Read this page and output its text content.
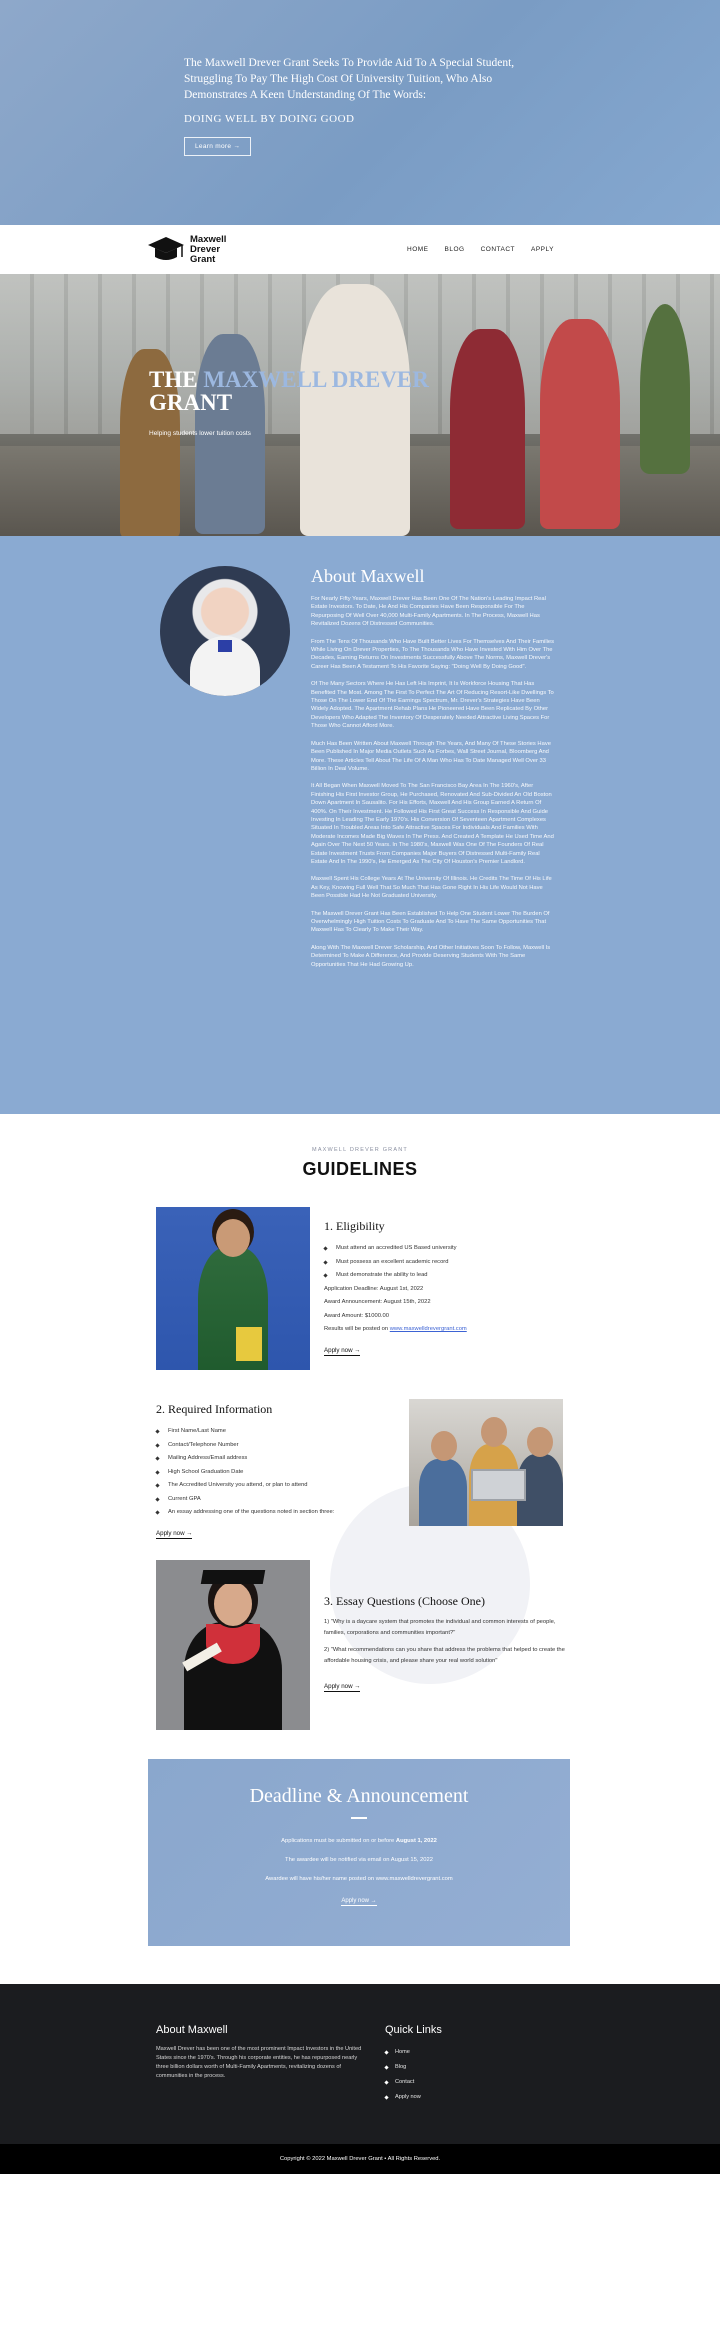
The Maxwell Drever Grant Seeks To Provide Aid To A Special Student, Struggling To Pay The High Cost Of University Tuition, Who Also Demonstrates A Keen Understanding Of The Words:

DOING WELL BY DOING GOOD

Learn more →
Maxwell
Drever
Grant
HOME BLOG CONTACT APPLY
THE MAXWELL DREVER
GRANT

Helping students lower tuition costs

About Maxwell

For Nearly Fifty Years, Maxwell Drever Has Been One Of The Nation's Leading Impact Real Estate Investors. To Date, He And His Companies Have Been Responsible For The Repurposing Of Well Over 40,000 Multi-Family Apartments. In The Process, Maxwell Has Revitalized Dozens Of Distressed Communities.

From The Tens Of Thousands Who Have Built Better Lives For Themselves And Their Families While Living On Drever Properties, To The Thousands Who Have Invested With Him Over The Decades, Earning Returns On Investments Successfully Above The Norms, Maxwell Drever's Career Has Been A Testament To His Favorite Saying: "Doing Well By Doing Good".

Of The Many Sectors Where He Has Left His Imprint, It Is Workforce Housing That Has Benefited The Most. Among The First To Perfect The Art Of Reducing Resort-Like Dwellings To Those On The Lower End Of The Earnings Spectrum, Mr. Drever's Strategies Have Been Widely Adopted. The Apartment Rehab Plans He Pioneered Have Been Replicated By Other Developers Who Adapted The Inventory Of Desperately Needed Attractive Living Spaces For Those Who Cannot Afford More.

Much Has Been Written About Maxwell Through The Years, And Many Of These Stories Have Been Published In Major Media Outlets Such As Forbes, Wall Street Journal, Bloomberg And More. These Articles Tell About The Life Of A Man Who Has To Date Managed Well Over 33 Billion In Deal Volume.

It All Began When Maxwell Moved To The San Francisco Bay Area In The 1960's, After Finishing His First Investor Group, He Purchased, Renovated And Sub-Divided An Old Boston Down Apartment In Sausalito. For His Efforts, Maxwell And His Group Earned A Return Of 400%. On Their Investment. He Followed His First Great Success In Responsible And Guide Investing In Leading The Early 1970's. His Conversion Of Seventeen Apartment Complexes Situated In Troubled Areas Into Safe Attractive Spaces For Individuals And Families With Moderate Incomes Made Big Waves In The Press. And Created A Template He Used Time And Again Over The Next 50 Years. In The 1980's, Maxwell Was One Of The Founders Of Real Estate Investment Trusts From Companies Major Buyers Of Distressed Multi-Family Real Estate And In The 1990's, He Emerged As The City Of Houston's Premier Landlord.

Maxwell Spent His College Years At The University Of Illinois. He Credits The Time Of His Life As Key, Knowing Full Well That So Much That Has Gone Right In His Life Would Not Have Been Possible Had He Not Graduated University.

The Maxwell Drever Grant Has Been Established To Help One Student Lower The Burden Of Overwhelmingly High Tuition Costs To Graduate And To Have The Same Opportunities That Maxwell Has To Clearly To Make Their Way.

Along With The Maxwell Drever Scholarship, And Other Initiatives Soon To Follow, Maxwell Is Determined To Make A Difference, And Provide Deserving Students With The Same Opportunities That He Had Growing Up.

MAXWELL DREVER GRANT
GUIDELINES
1. Eligibility
Must attend an accredited US Based university
Must possess an excellent academic record
Must demonstrate the ability to lead
Application Deadline: August 1st, 2022
Award Announcement: August 15th, 2022
Award Amount: $1000.00
Results will be posted on www.maxwelldrevergrant.com
Apply now →
2. Required Information
First Name/Last Name
Contact/Telephone Number
Mailing Address/Email address
High School Graduation Date
The Accredited University you attend, or plan to attend
Current GPA
An essay addressing one of the questions noted in section three:
Apply now →
3. Essay Questions (Choose One)

1) "Why is a daycare system that promotes the individual and common interests of people, families, corporations and communities important?"

2) "What recommendations can you share that address the problems that helped to create the affordable housing crisis, and please share your real world solution"

Apply now →
Deadline & Announcement

Applications must be submitted on or before August 1, 2022

The awardee will be notified via email on August 15, 2022

Awardee will have his/her name posted on www.maxwelldrevergrant.com

Apply now →
About Maxwell

Maxwell Drever has been one of the most prominent Impact Investors in the United States since the 1970's. Through his corporate entities, he has repurposed nearly three billion dollars worth of Multi-Family Apartments, revitalizing dozens of communities in the process.

Quick Links
Home
Blog
Contact
Apply now
Copyright © 2022 Maxwell Drever Grant • All Rights Reserved.
